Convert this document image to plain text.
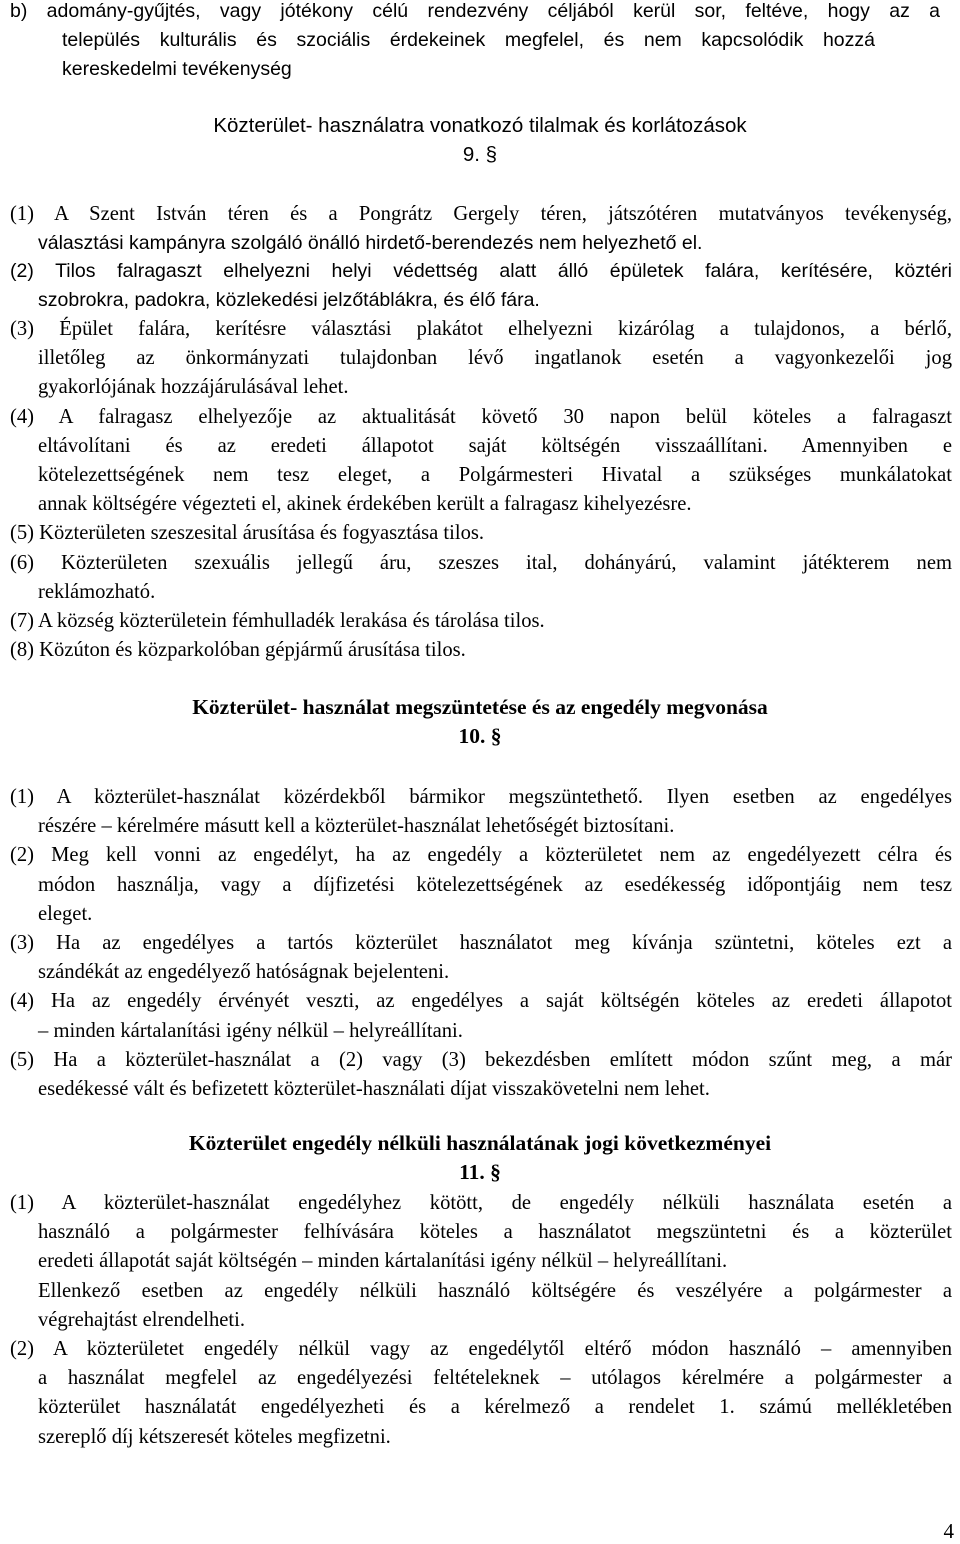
b) adomány-gyűjtés, vagy jótékony célú rendezvény céljából kerül sor, feltéve, hogy az a
település kulturális és szociális érdekeinek megfelel, és nem kapcsolódik hozzá
kereskedelmi tevékenység
Közterület- használatra vonatkozó tilalmak és korlátozások
9. §
(1) A Szent István téren és a Pongrátz Gergely téren, játszótéren mutatványos tevékenység,
választási kampányra szolgáló önálló hirdető-berendezés nem helyezhető el.
(2) Tilos falragaszt elhelyezni helyi védettség alatt álló épületek falára, kerítésére, köztéri
szobrokra, padokra, közlekedési jelzőtáblákra, és élő fára.
(3) Épület falára, kerítésre választási plakátot elhelyezni kizárólag a tulajdonos, a bérlő,
illetőleg az önkormányzati tulajdonban lévő ingatlanok esetén a vagyonkezelői jog
gyakorlójának hozzájárulásával lehet.
(4) A falragasz elhelyezője az aktualitását követő 30 napon belül köteles a falragaszt
eltávolítani és az eredeti állapotot saját költségén visszaállítani. Amennyiben e
kötelezettségének nem tesz eleget, a Polgármesteri Hivatal a szükséges munkálatokat
annak költségére végezteti el, akinek érdekében került a falragasz kihelyezésre.
(5) Közterületen szeszesital árusítása és fogyasztása tilos.
(6) Közterületen szexuális jellegű áru, szeszes ital, dohányárú, valamint játékterem nem
reklámozható.
(7) A község közterületein fémhulladék lerakása és tárolása tilos.
(8) Közúton és közparkolóban gépjármű árusítása tilos.
Közterület- használat megszüntetése és az engedély megvonása
10. §
(1) A közterület-használat közérdekből bármikor megszüntethető. Ilyen esetben az engedélyes
részére – kérelmére másutt kell a közterület-használat lehetőségét biztosítani.
(2) Meg kell vonni az engedélyt, ha az engedély a közterületet nem az engedélyezett célra és
módon használja, vagy a díjfizetési kötelezettségének az esedékesség időpontjáig nem tesz
eleget.
(3) Ha az engedélyes a tartós közterület használatot meg kívánja szüntetni, köteles ezt a
szándékát az engedélyező hatóságnak bejelenteni.
(4) Ha az engedély érvényét veszti, az engedélyes a saját költségén köteles az eredeti állapotot
– minden kártalanítási igény nélkül – helyreállítani.
(5) Ha a közterület-használat a (2) vagy (3) bekezdésben említett módon szűnt meg, a már
esedékessé vált és befizetett közterület-használati díjat visszakövetelni nem lehet.
Közterület engedély nélküli használatának jogi következményei
11. §
(1) A közterület-használat engedélyhez kötött, de engedély nélküli használata esetén a
használó a polgármester felhívására köteles a használatot megszüntetni és a közterület
eredeti állapotát saját költségén – minden kártalanítási igény nélkül – helyreállítani.
Ellenkező esetben az engedély nélküli használó költségére és veszélyére a polgármester a
végrehajtást elrendelheti.
(2) A közterületet engedély nélkül vagy az engedélytől eltérő módon használó – amennyiben
a használat megfelel az engedélyezési feltételeknek – utólagos kérelmére a polgármester a
közterület használatát engedélyezheti és a kérelmező a rendelet 1. számú mellékletében
szereplő díj kétszeresét köteles megfizetni.
4
